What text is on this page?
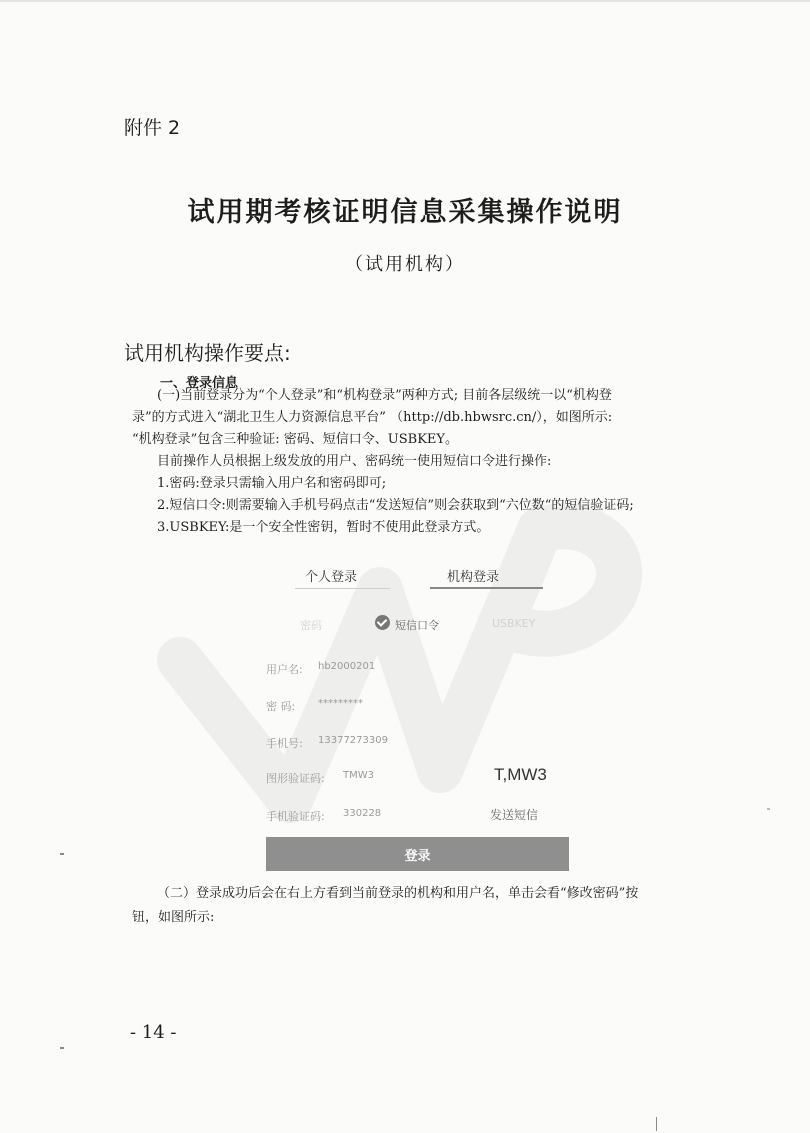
附件 2
试用期考核证明信息采集操作说明
（试用机构）
试用机构操作要点:
一、登录信息
(一)当前登录分为“个人登录”和“机构登录”两种方式; 目前各层级统一以“机构登
录”的方式进入“湖北卫生人力资源信息平台” （http://db.hbwsrc.cn/），如图所示:
“机构登录”包含三种验证: 密码、短信口令、USBKEY。
目前操作人员根据上级发放的用户、密码统一使用短信口令进行操作:
1.密码:登录只需输入用户名和密码即可;
2.短信口令:则需要输入手机号码点击“发送短信”则会获取到“六位数“的短信验证码;
3.USBKEY:是一个安全性密钥，暂时不使用此登录方式。
个人登录	机构登录
密码	短信口令	USBKEY
用户名: hb2000201
密 码: *********
手机号: 13377273309
图形验证码: TMW3	T,MW3
手机验证码: 330228	发送短信
登录
（二）登录成功后会在右上方看到当前登录的机构和用户名，单击会看“修改密码”按
钮，如图所示:
- 14 -
